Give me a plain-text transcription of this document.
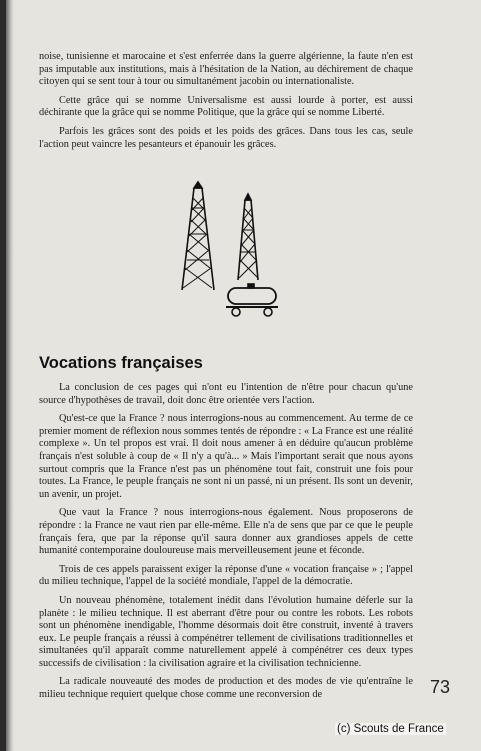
noise, tunisienne et marocaine et s'est enferrée dans la guerre algérienne, la faute n'en est pas imputable aux institutions, mais à l'hésitation de la Nation, au déchirement de chaque citoyen qui se sent tour à tour ou simultanément jacobin ou internationaliste.

Cette grâce qui se nomme Universalisme est aussi lourde à porter, est aussi déchirante que la grâce qui se nomme Politique, que la grâce qui se nomme Liberté.

Parfois les grâces sont des poids et les poids des grâces. Dans tous les cas, seule l'action peut vaincre les pesanteurs et épanouir les grâces.

Vocations françaises

La conclusion de ces pages qui n'ont eu l'intention de n'être pour chacun qu'une source d'hypothèses de travail, doit donc être orientée vers l'action.

Qu'est-ce que la France ? nous interrogions-nous au commencement. Au terme de ce premier moment de réflexion nous sommes tentés de répondre : « La France est une réalité complexe ». Un tel propos est vrai. Il doit nous amener à en déduire qu'aucun problème français n'est soluble à coup de « Il n'y a qu'à... » Mais l'important serait que nous ayons surtout compris que la France n'est pas un phénomène tout fait, construit une fois pour toutes. La France, le peuple français ne sont ni un passé, ni un présent. Ils sont un devenir, un avenir, un projet.

Que vaut la France ? nous interrogions-nous également. Nous proposerons de répondre : la France ne vaut rien par elle-même. Elle n'a de sens que par ce que le peuple français fera, que par la réponse qu'il saura donner aux grandioses appels de cette humanité contemporaine douloureuse mais merveilleusement jeune et féconde.

Trois de ces appels paraissent exiger la réponse d'une « vocation française » ; l'appel du milieu technique, l'appel de la société mondiale, l'appel de la démocratie.

Un nouveau phénomène, totalement inédit dans l'évolution humaine déferle sur la planète : le milieu technique. Il est aberrant d'être pour ou contre les robots. Les robots sont un phénomène inendigable, l'homme désormais doit être construit, inventé à travers eux. Le peuple français a réussi à compénétrer tellement de civilisations traditionnelles et simultanées qu'il apparaît comme naturellement appelé à compénétrer ces deux types successifs de civilisation : la civilisation agraire et la civilisation technicienne.

La radicale nouveauté des modes de production et des modes de vie qu'entraîne le milieu technique requiert quelque chose comme une reconversion de	73
(c) Scouts de France
